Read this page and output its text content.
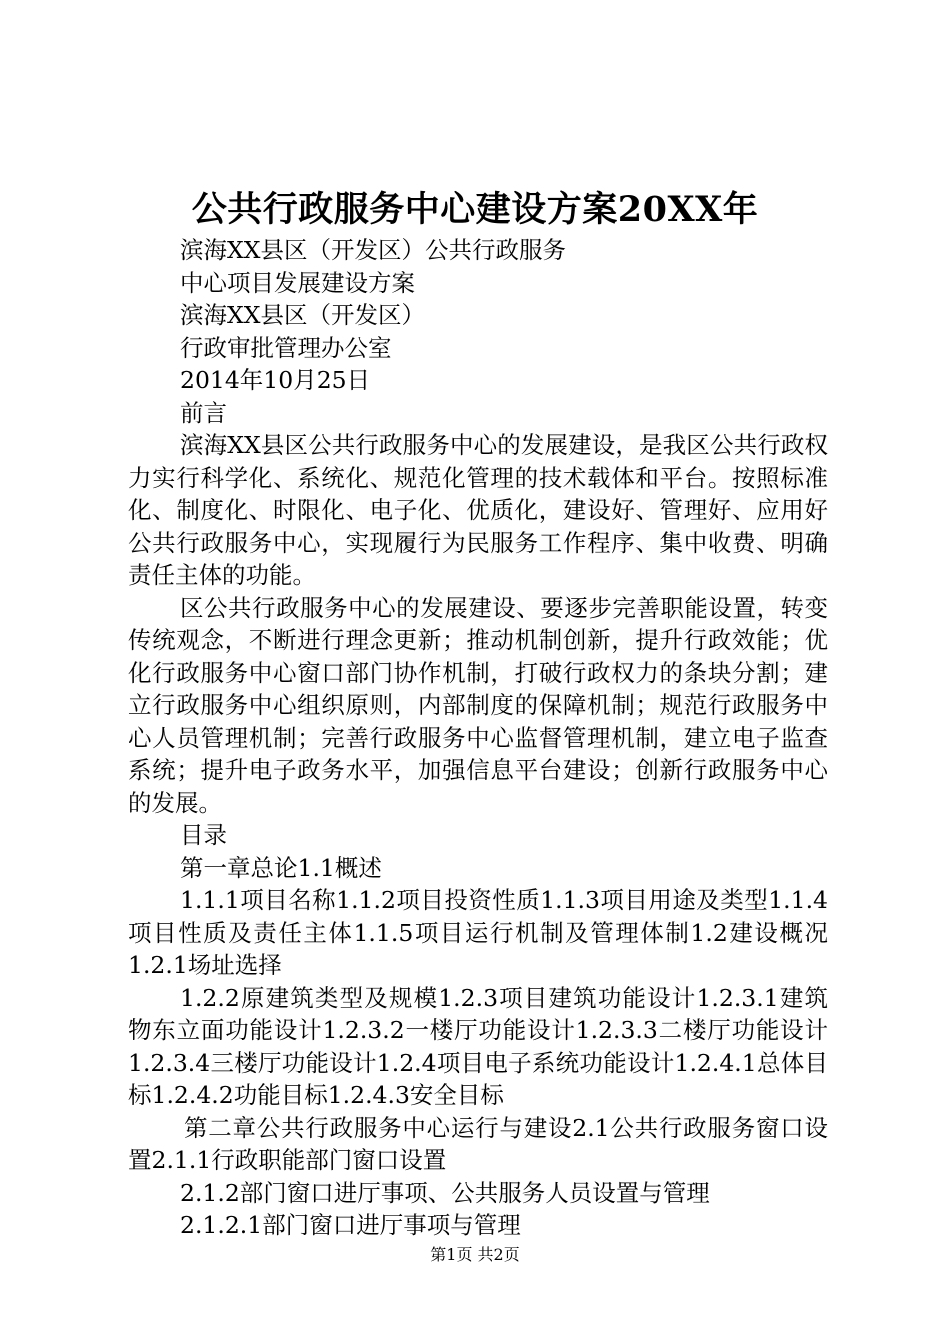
公共行政服务中心建设方案20XX年
滨海XX县区（开发区）公共行政服务
中心项目发展建设方案
滨海XX县区（开发区）
行政审批管理办公室
2014年10月25日
前言

滨海XX县区公共行政服务中心的发展建设，是我区公共行政权力实行科学化、系统化、规范化管理的技术载体和平台。按照标准化、制度化、时限化、电子化、优质化，建设好、管理好、应用好公共行政服务中心，实现履行为民服务工作程序、集中收费、明确责任主体的功能。

区公共行政服务中心的发展建设、要逐步完善职能设置，转变传统观念，不断进行理念更新；推动机制创新，提升行政效能；优化行政服务中心窗口部门协作机制，打破行政权力的条块分割；建立行政服务中心组织原则，内部制度的保障机制；规范行政服务中心人员管理机制；完善行政服务中心监督管理机制，建立电子监查系统；提升电子政务水平，加强信息平台建设；创新行政服务中心的发展。

目录
第一章总论1.1概述

1.1.1项目名称1.1.2项目投资性质1.1.3项目用途及类型1.1.4项目性质及责任主体1.1.5项目运行机制及管理体制1.2建设概况1.2.1场址选择

1.2.2原建筑类型及规模1.2.3项目建筑功能设计1.2.3.1建筑物东立面功能设计1.2.3.2一楼厅功能设计1.2.3.3二楼厅功能设计1.2.3.4三楼厅功能设计1.2.4项目电子系统功能设计1.2.4.1总体目标1.2.4.2功能目标1.2.4.3安全目标

第二章公共行政服务中心运行与建设2.1公共行政服务窗口设置2.1.1行政职能部门窗口设置

2.1.2部门窗口进厅事项、公共服务人员设置与管理
2.1.2.1部门窗口进厅事项与管理
第1页 共2页
